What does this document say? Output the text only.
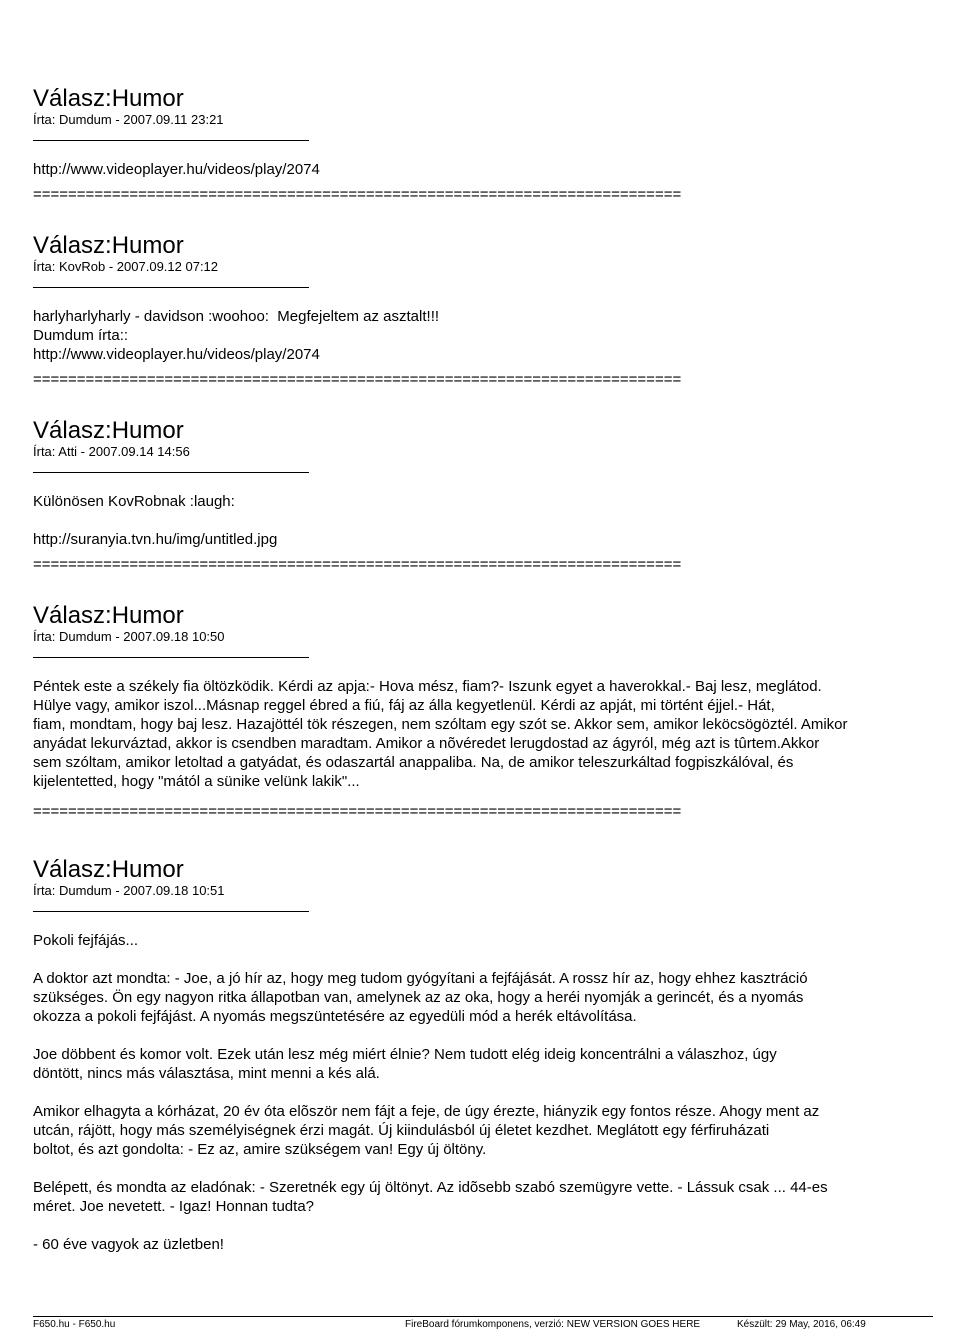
Válasz:Humor
Írta: Dumdum - 2007.09.11 23:21

http://www.videoplayer.hu/videos/play/2074

==========================================================================
Válasz:Humor
Írta: KovRob - 2007.09.12 07:12

harlyharlyharly - davidson :woohoo:  Megfejeltem az asztalt!!!
Dumdum írta::
http://www.videoplayer.hu/videos/play/2074

==========================================================================
Válasz:Humor
Írta: Atti - 2007.09.14 14:56

Különösen KovRobnak :laugh:

http://suranyia.tvn.hu/img/untitled.jpg

==========================================================================
Válasz:Humor
Írta: Dumdum - 2007.09.18 10:50

Péntek este a székely fia öltözködik. Kérdi az apja:- Hova mész, fiam?- Iszunk egyet a haverokkal.- Baj lesz, meglátod.
Hülye vagy, amikor iszol...Másnap reggel ébred a fiú, fáj az álla kegyetlenül. Kérdi az apját, mi történt éjjel.- Hát,
fiam, mondtam, hogy baj lesz. Hazajöttél tök részegen, nem szóltam egy szót se. Akkor sem, amikor leköcsögöztél. Amikor
anyádat lekurváztad, akkor is csendben maradtam. Amikor a nõvéredet lerugdostad az ágyról, még azt is tûrtem.Akkor
sem szóltam, amikor letoltad a gatyádat, és odaszartál anappaliba. Na, de amikor teleszurkáltad fogpiszkálóval, és
kijelentetted, hogy "mától a sünike velünk lakik"...

==========================================================================
Válasz:Humor
Írta: Dumdum - 2007.09.18 10:51

Pokoli fejfájás...

A doktor azt mondta: - Joe, a jó hír az, hogy meg tudom gyógyítani a fejfájását. A rossz hír az, hogy ehhez kasztráció
szükséges. Ön egy nagyon ritka állapotban van, amelynek az az oka, hogy a heréi nyomják a gerincét, és a nyomás
okozza a pokoli fejfájást. A nyomás megszüntetésére az egyedüli mód a herék eltávolítása.

Joe döbbent és komor volt. Ezek után lesz még miért élnie? Nem tudott elég ideig koncentrálni a válaszhoz, úgy
döntött, nincs más választása, mint menni a kés alá.

Amikor elhagyta a kórházat, 20 év óta elõször nem fájt a feje, de úgy érezte, hiányzik egy fontos része. Ahogy ment az
utcán, rájött, hogy más személyiségnek érzi magát. Új kiindulásból új életet kezdhet. Meglátott egy férfiruházati
boltot, és azt gondolta: - Ez az, amire szükségem van! Egy új öltöny.

Belépett, és mondta az eladónak: - Szeretnék egy új öltönyt. Az idõsebb szabó szemügyre vette. - Lássuk csak ... 44-es
méret. Joe nevetett. - Igaz! Honnan tudta?

- 60 éve vagyok az üzletben!

F650.hu - F650.hu	FireBoard fórumkomponens, verzió: NEW VERSION GOES HERE	Készült: 29 May, 2016, 06:49
